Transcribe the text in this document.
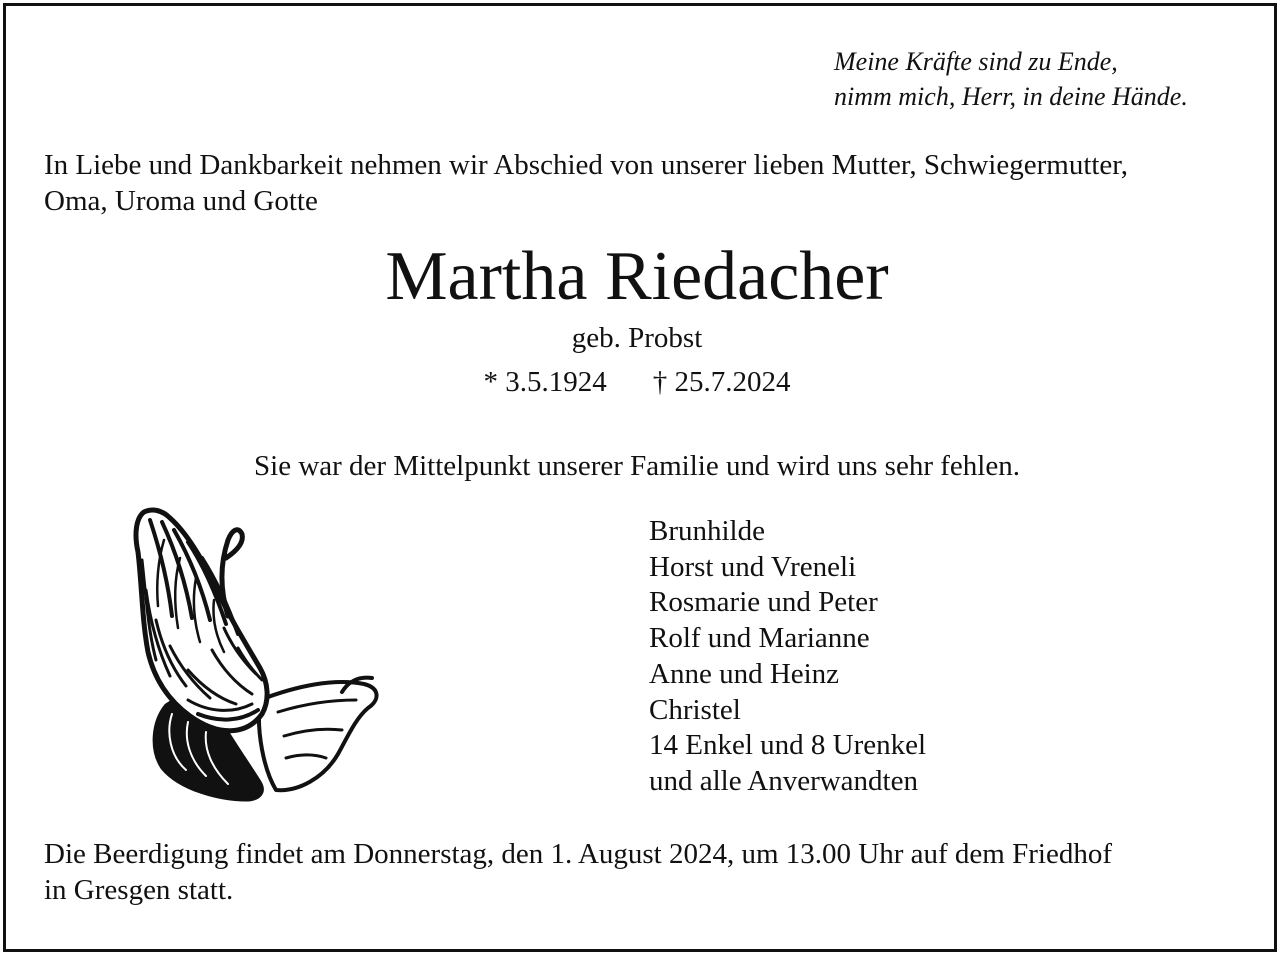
Meine Kräfte sind zu Ende,
nimm mich, Herr, in deine Hände.
In Liebe und Dankbarkeit nehmen wir Abschied von unserer lieben Mutter, Schwiegermutter,
Oma, Uroma und Gotte
Martha Riedacher
geb. Probst
* 3.5.1924 † 25.7.2024
Sie war der Mittelpunkt unserer Familie und wird uns sehr fehlen.
Brunhilde
Horst und Vreneli
Rosmarie und Peter
Rolf und Marianne
Anne und Heinz
Christel
14 Enkel und 8 Urenkel
und alle Anverwandten
Die Beerdigung findet am Donnerstag, den 1. August 2024, um 13.00 Uhr auf dem Friedhof
in Gresgen statt.
